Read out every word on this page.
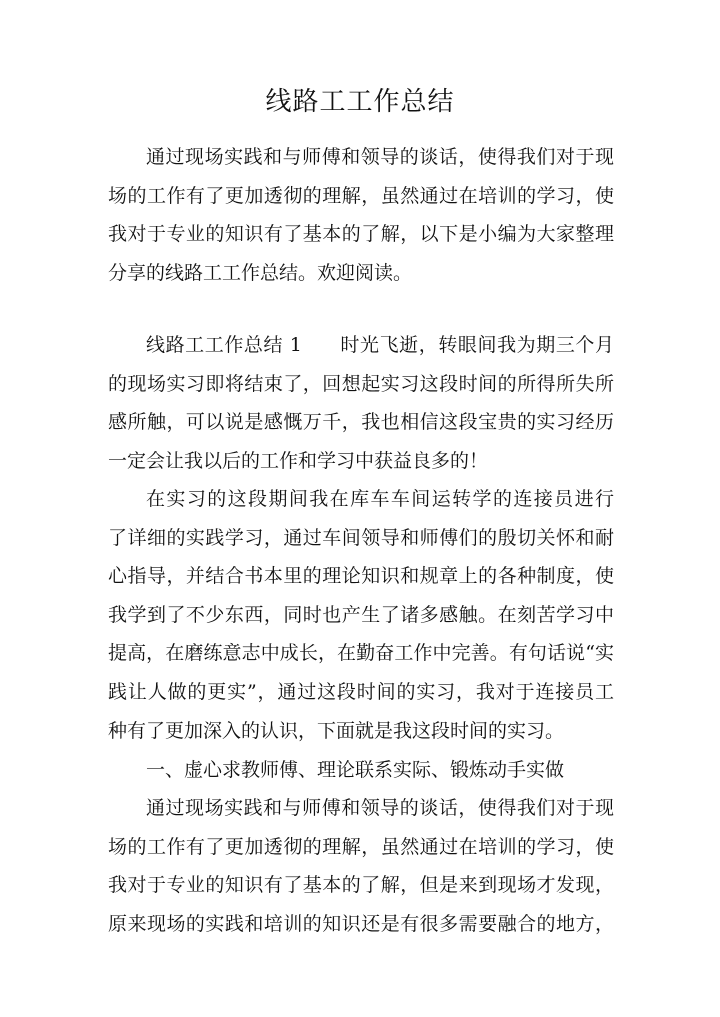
线路工工作总结
通过现场实践和与师傅和领导的谈话，使得我们对于现
场的工作有了更加透彻的理解，虽然通过在培训的学习，使
我对于专业的知识有了基本的了解，以下是小编为大家整理
分享的线路工工作总结。欢迎阅读。
线路工工作总结 1 时光飞逝，转眼间我为期三个月
的现场实习即将结束了，回想起实习这段时间的所得所失所
感所触，可以说是感慨万千，我也相信这段宝贵的实习经历
一定会让我以后的工作和学习中获益良多的！
在实习的这段期间我在库车车间运转学的连接员进行
了详细的实践学习，通过车间领导和师傅们的殷切关怀和耐
心指导，并结合书本里的理论知识和规章上的各种制度，使
我学到了不少东西，同时也产生了诸多感触。在刻苦学习中
提高，在磨练意志中成长，在勤奋工作中完善。有句话说“实
践让人做的更实”，通过这段时间的实习，我对于连接员工
种有了更加深入的认识，下面就是我这段时间的实习。
一、虚心求教师傅、理论联系实际、锻炼动手实做
通过现场实践和与师傅和领导的谈话，使得我们对于现
场的工作有了更加透彻的理解，虽然通过在培训的学习，使
我对于专业的知识有了基本的了解，但是来到现场才发现，
原来现场的实践和培训的知识还是有很多需要融合的地方，
